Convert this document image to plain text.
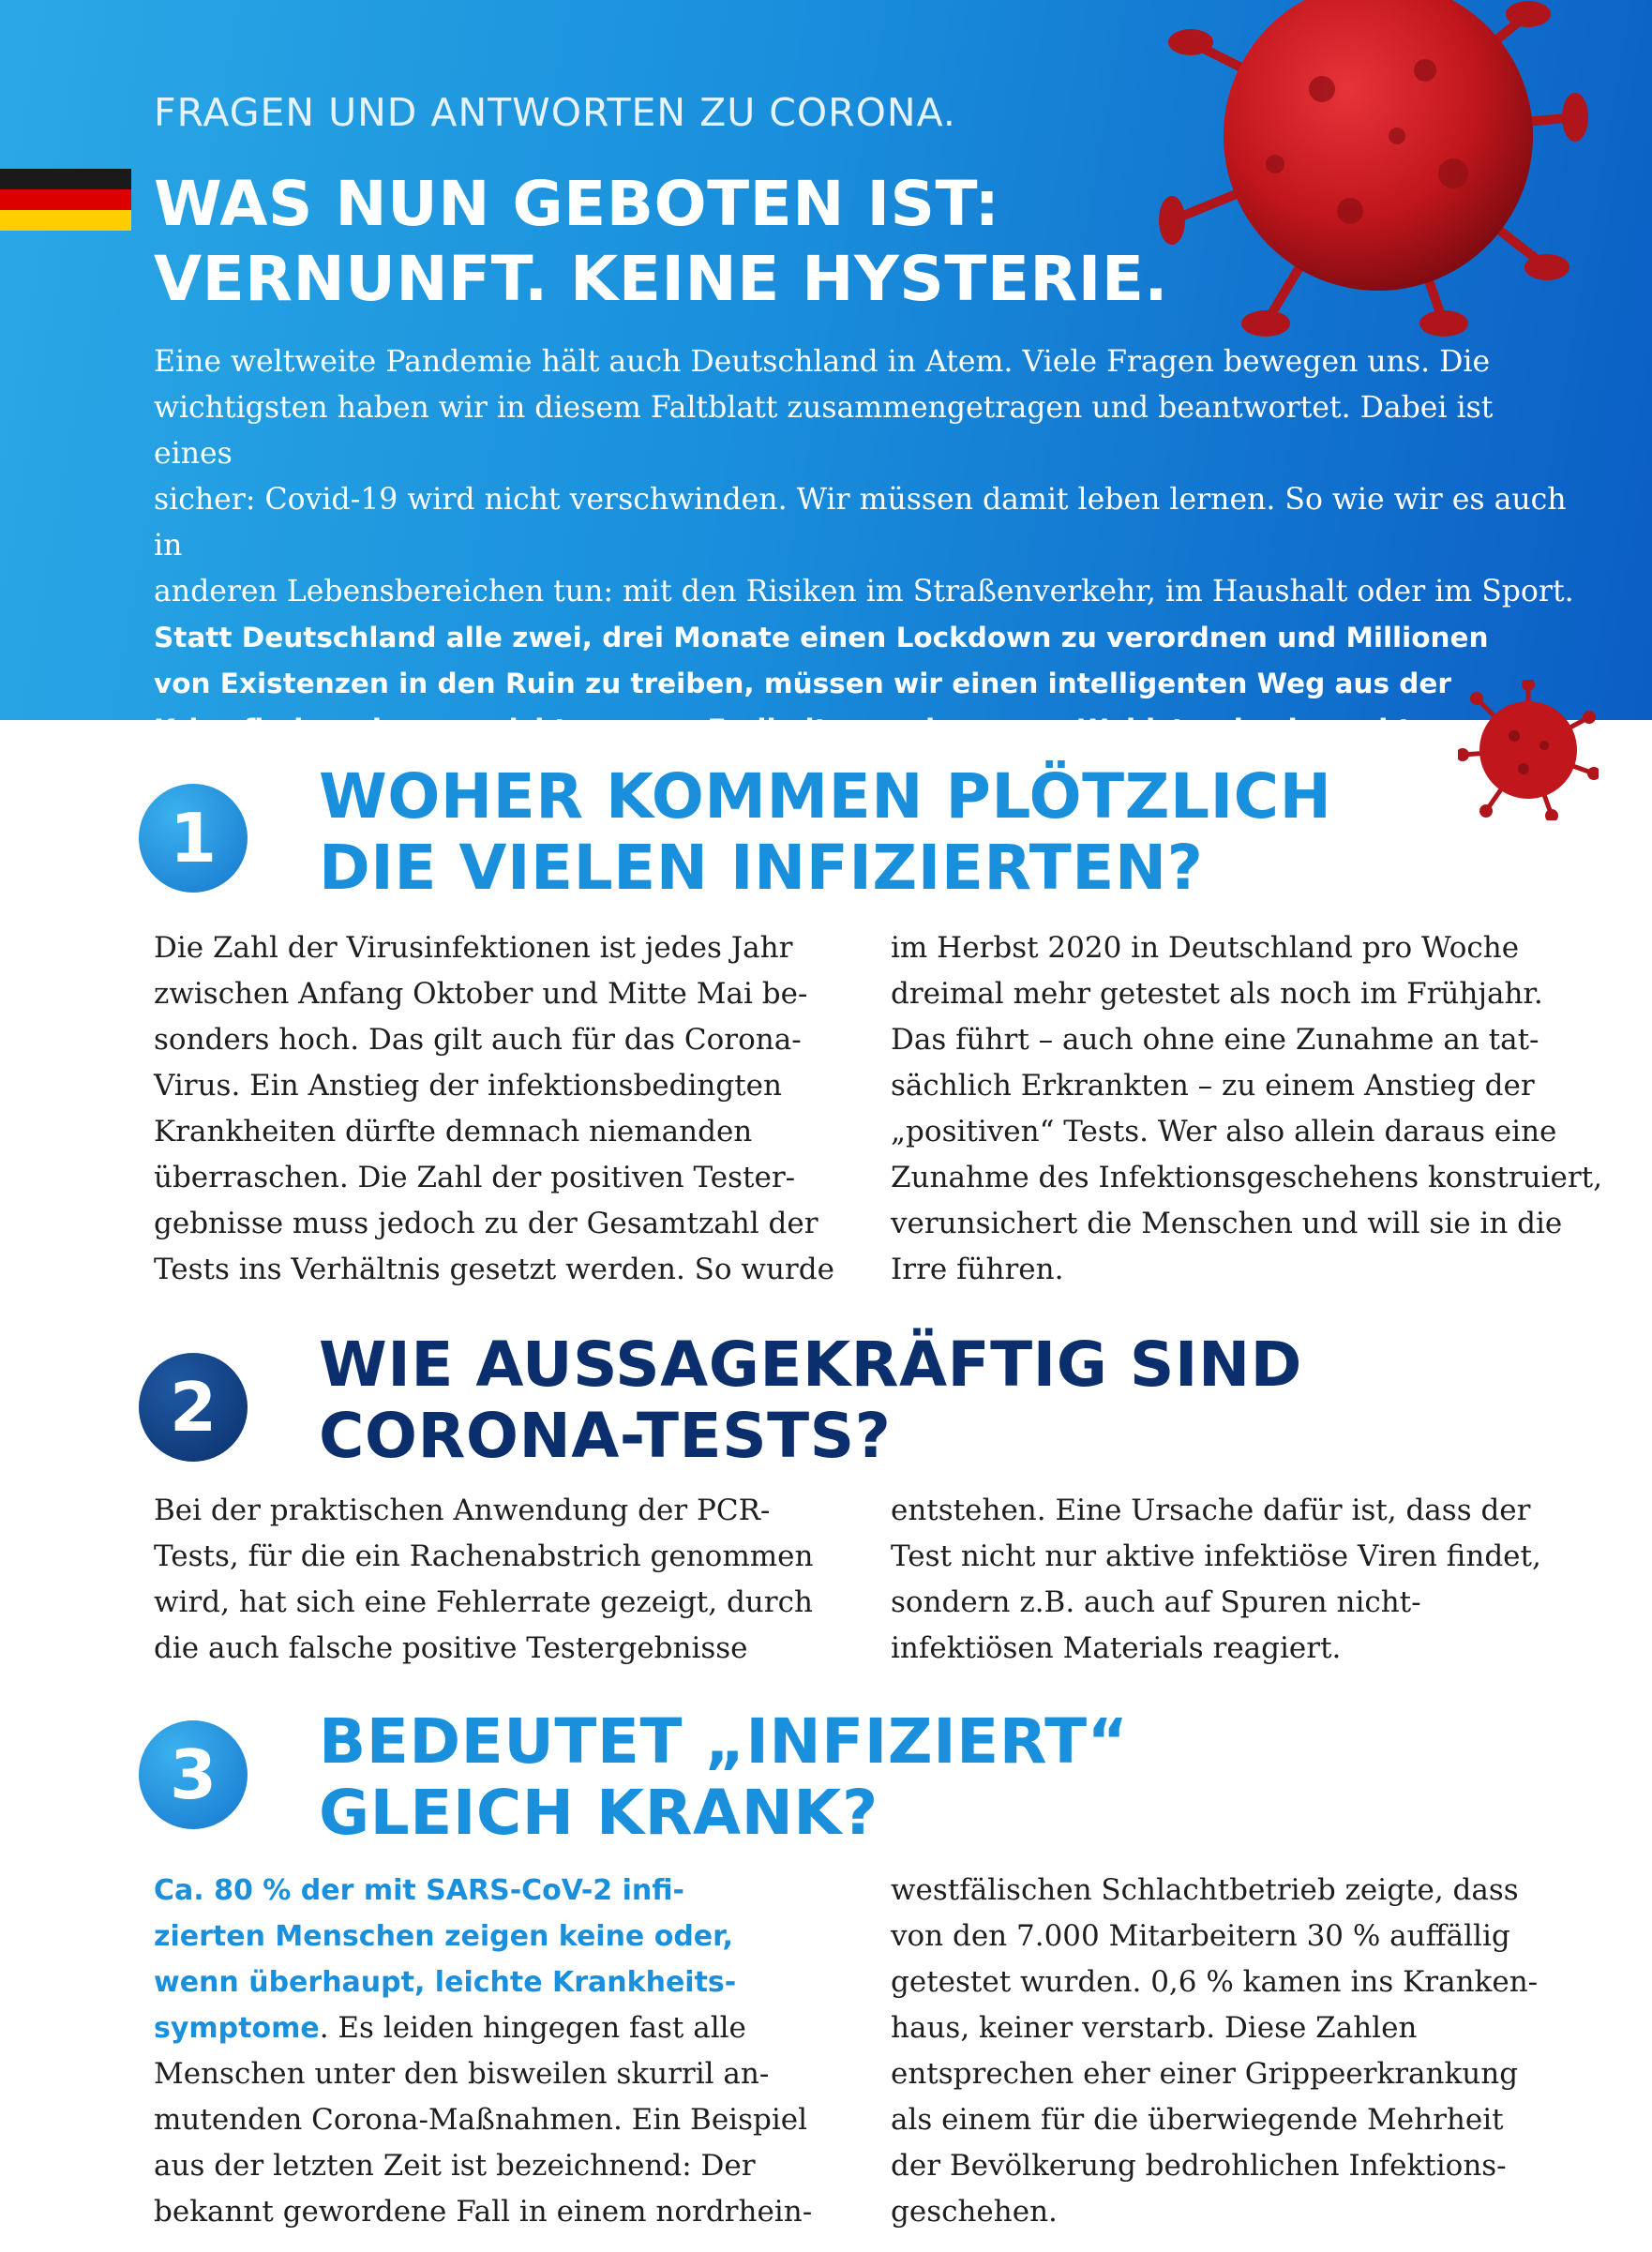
FRAGEN UND ANTWORTEN ZU CORONA.
WAS NUN GEBOTEN IST:
VERNUNFT. KEINE HYSTERIE.
Eine weltweite Pandemie hält auch Deutschland in Atem. Viele Fragen bewegen uns. Die
wichtigsten haben wir in diesem Faltblatt zusammengetragen und beantwortet. Dabei ist eines
sicher: Covid-19 wird nicht verschwinden. Wir müssen damit leben lernen. So wie wir es auch in
anderen Lebensbereichen tun: mit den Risiken im Straßenverkehr, im Haushalt oder im Sport.
Statt Deutschland alle zwei, drei Monate einen Lockdown zu verordnen und Millionen
von Existenzen in den Ruin zu treiben, müssen wir einen intelligenten Weg aus der
Krise finden, der uns nicht unserer Freiheiten und unseres Wohlstandes beraubt.
1
WOHER KOMMEN PLÖTZLICH
DIE VIELEN INFIZIERTEN?
Die Zahl der Virusinfektionen ist jedes Jahr
zwischen Anfang Oktober und Mitte Mai be-
sonders hoch. Das gilt auch für das Corona-
Virus. Ein Anstieg der infektionsbedingten
Krankheiten dürfte demnach niemanden
überraschen. Die Zahl der positiven Tester-
gebnisse muss jedoch zu der Gesamtzahl der
Tests ins Verhältnis gesetzt werden. So wurde
im Herbst 2020 in Deutschland pro Woche
dreimal mehr getestet als noch im Frühjahr.
Das führt – auch ohne eine Zunahme an tat-
sächlich Erkrankten – zu einem Anstieg der
„positiven“ Tests. Wer also allein daraus eine
Zunahme des Infektionsgeschehens konstruiert,
verunsichert die Menschen und will sie in die
Irre führen.
2
WIE AUSSAGEKRÄFTIG SIND
CORONA-TESTS?
Bei der praktischen Anwendung der PCR-
Tests, für die ein Rachenabstrich genommen
wird, hat sich eine Fehlerrate gezeigt, durch
die auch falsche positive Testergebnisse
entstehen. Eine Ursache dafür ist, dass der
Test nicht nur aktive infektiöse Viren findet,
sondern z.B. auch auf Spuren nicht-
infektiösen Materials reagiert.
3	BEDEUTET „INFIZIERT“
GLEICH KRANK?
Ca. 80 % der mit SARS-CoV-2 infi-
zierten Menschen zeigen keine oder,
wenn überhaupt, leichte Krankheits-
symptome. Es leiden hingegen fast alle
Menschen unter den bisweilen skurril an-
mutenden Corona-Maßnahmen. Ein Beispiel
aus der letzten Zeit ist bezeichnend: Der
bekannt gewordene Fall in einem nordrhein-
westfälischen Schlachtbetrieb zeigte, dass
von den 7.000 Mitarbeitern 30 % auffällig
getestet wurden. 0,6 % kamen ins Kranken-
haus, keiner verstarb. Diese Zahlen
entsprechen eher einer Grippeerkrankung
als einem für die überwiegende Mehrheit
der Bevölkerung bedrohlichen Infektions-
geschehen.
